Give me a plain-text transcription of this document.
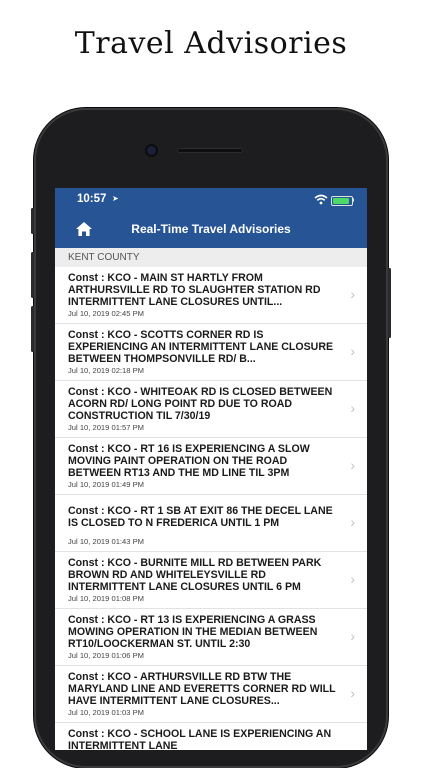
Travel Advisories
10:57 ➤
Real-Time Travel Advisories
KENT COUNTY
Const : KCO - MAIN ST HARTLY FROM ARTHURSVILLE RD TO SLAUGHTER STATION RD INTERMITTENT LANE CLOSURES UNTIL...
Jul 10, 2019 02:45 PM
›
Const : KCO - SCOTTS CORNER RD IS EXPERIENCING AN INTERMITTENT LANE CLOSURE BETWEEN THOMPSONVILLE RD/ B...
Jul 10, 2019 02:18 PM
›
Const : KCO - WHITEOAK RD IS CLOSED BETWEEN ACORN RD/ LONG POINT RD DUE TO ROAD CONSTRUCTION TIL 7/30/19
Jul 10, 2019 01:57 PM
›
Const : KCO - RT 16 IS EXPERIENCING A SLOW MOVING PAINT OPERATION ON THE ROAD BETWEEN RT13 AND THE MD LINE TIL 3PM
Jul 10, 2019 01:49 PM
›
Const : KCO - RT 1 SB AT EXIT 86 THE DECEL LANE IS CLOSED TO N FREDERICA UNTIL 1 PM
Jul 10, 2019 01:43 PM
›
Const : KCO - BURNITE MILL RD BETWEEN PARK BROWN RD AND WHITELEYSVILLE RD INTERMITTENT LANE CLOSURES UNTIL 6 PM
Jul 10, 2019 01:08 PM
›
Const : KCO - RT 13 IS EXPERIENCING A GRASS MOWING OPERATION IN THE MEDIAN BETWEEN RT10/LOOCKERMAN ST. UNTIL 2:30
Jul 10, 2019 01:06 PM
›
Const : KCO - ARTHURSVILLE RD BTW THE MARYLAND LINE AND EVERETTS CORNER RD WILL HAVE INTERMITTENT LANE CLOSURES...
Jul 10, 2019 01:03 PM
›
Const : KCO - SCHOOL LANE IS EXPERIENCING AN INTERMITTENT LANE
